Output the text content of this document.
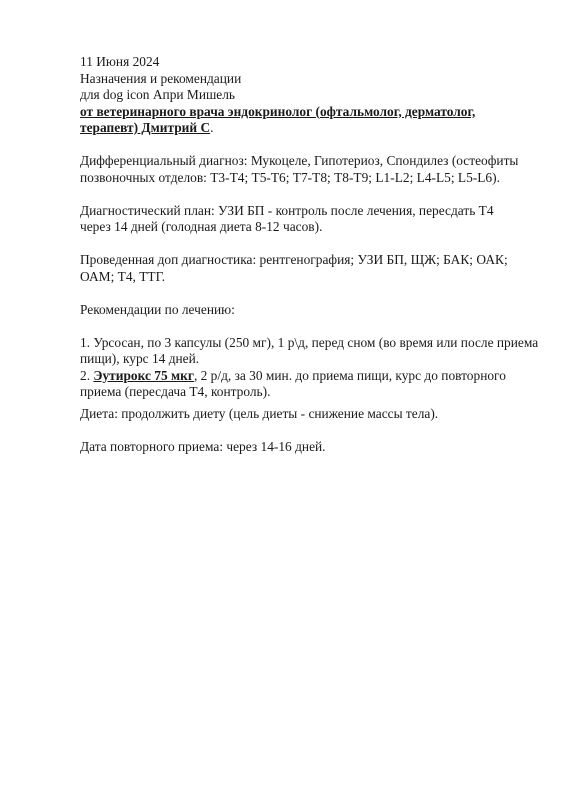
11 Июня 2024

Назначения и рекомендации

для dog icon Апри Мишель

от ветеринарного врача эндокринолог (офтальмолог, дерматолог,
терапевт) Дмитрий С.

Дифференциальный диагноз: Мукоцеле, Гипотериоз, Спондилез (остеофиты
позвоночных отделов: Т3-Т4; Т5-Т6; Т7-Т8; Т8-Т9; L1-L2; L4-L5; L5-L6).

Диагностический план: УЗИ БП - контроль после лечения, пересдать Т4
через 14 дней (голодная диета 8-12 часов).

Проведенная доп диагностика: рентгенография; УЗИ БП, ЩЖ; БАК; ОАК;
ОАМ; Т4, ТТГ.

Рекомендации по лечению:

1. Урсосан, по 3 капсулы (250 мг), 1 р\д, перед сном (во время или после приема
пищи), курс 14 дней.

2. Эутирокс 75 мкг, 2 р/д, за 30 мин. до приема пищи, курс до повторного
приема (пересдача Т4, контроль).

Диета: продолжить диету (цель диеты - снижение массы тела).

Дата повторного приема: через 14-16 дней.
